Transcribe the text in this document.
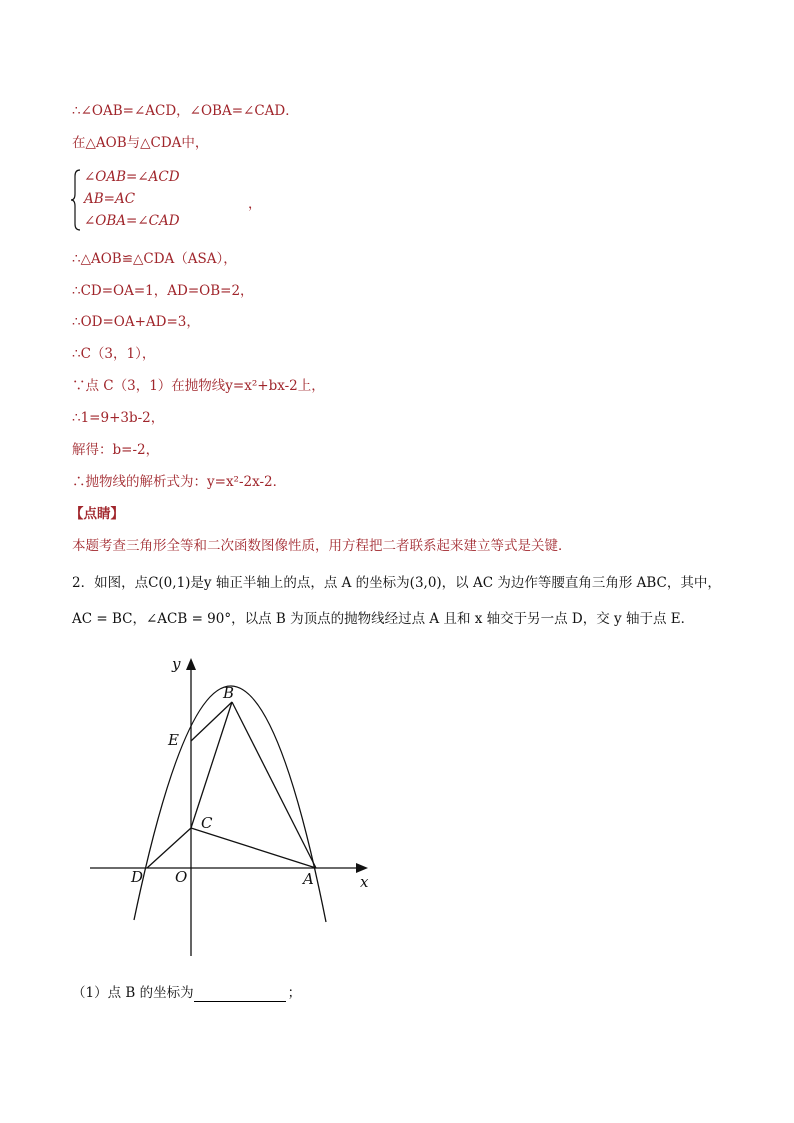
∴∠OAB=∠ACD，∠OBA=∠CAD．
在△AOB与△CDA中，
∠OAB=∠ACD
AB=AC
∠OBA=∠CAD
，
∴△AOB≌△CDA（ASA），
∴CD=OA=1，AD=OB=2，
∴OD=OA+AD=3，
∴C（3，1），
∵点 C（3，1）在抛物线y=x²+bx-2上，
∴1=9+3b-2，
解得：b=-2，
∴抛物线的解析式为：y=x²-2x-2．
【点睛】
本题考查三角形全等和二次函数图像性质，用方程把二者联系起来建立等式是关键．
2．如图，点C(0,1)是y 轴正半轴上的点，点 A 的坐标为(3,0)，以 AC 为边作等腰直角三角形 ABC，其中，
AC = BC，∠ACB = 90°，以点 B 为顶点的抛物线经过点 A 且和 x 轴交于另一点 D，交 y 轴于点 E．
y
x
B
E
C
D O	A
（1）点 B 的坐标为	；
